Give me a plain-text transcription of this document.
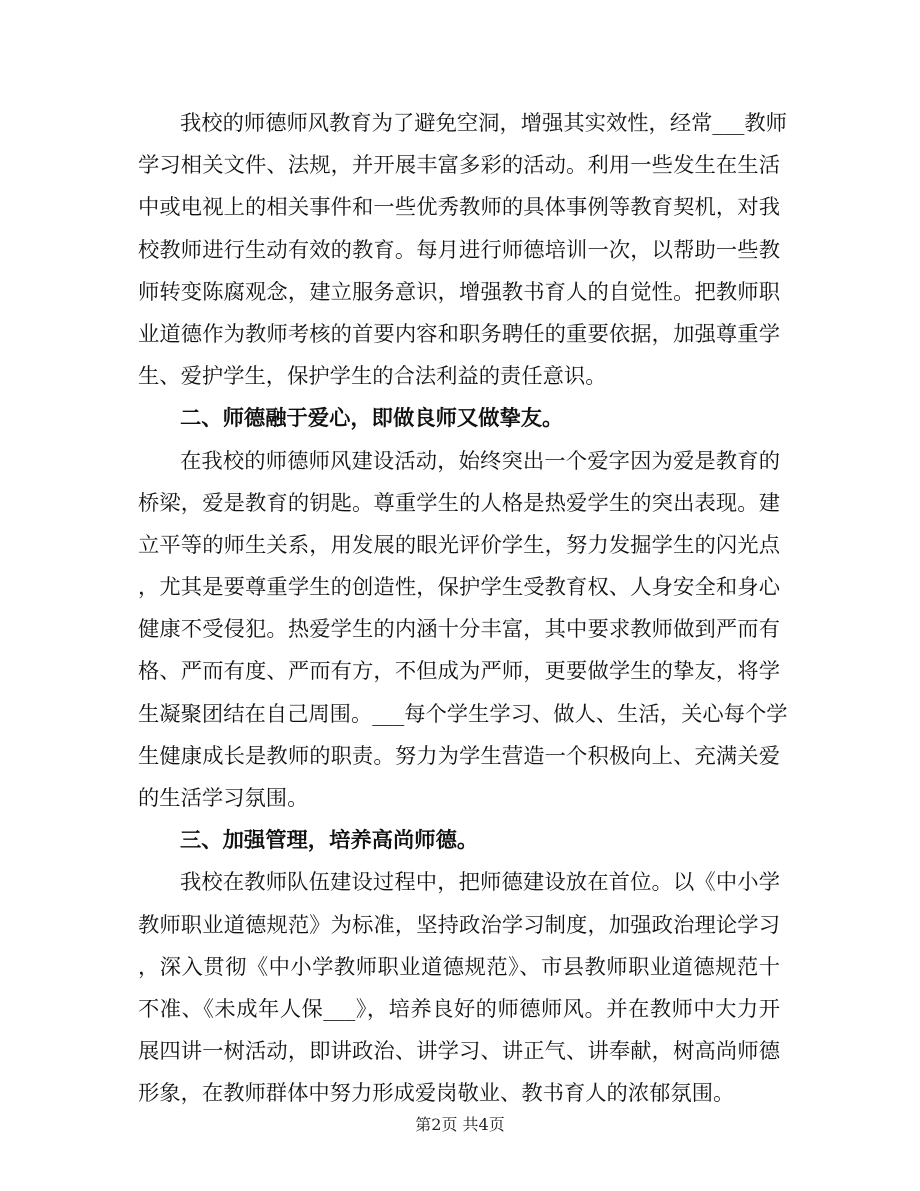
我校的师德师风教育为了避免空洞，增强其实效性，经常___教师
学习相关文件、法规，并开展丰富多彩的活动。利用一些发生在生活
中或电视上的相关事件和一些优秀教师的具体事例等教育契机，对我
校教师进行生动有效的教育。每月进行师德培训一次，以帮助一些教
师转变陈腐观念，建立服务意识，增强教书育人的自觉性。把教师职
业道德作为教师考核的首要内容和职务聘任的重要依据，加强尊重学
生、爱护学生，保护学生的合法利益的责任意识。
二、师德融于爱心，即做良师又做挚友。
在我校的师德师风建设活动，始终突出一个爱字因为爱是教育的
桥梁，爱是教育的钥匙。尊重学生的人格是热爱学生的突出表现。建
立平等的师生关系，用发展的眼光评价学生，努力发掘学生的闪光点
，尤其是要尊重学生的创造性，保护学生受教育权、人身安全和身心
健康不受侵犯。热爱学生的内涵十分丰富，其中要求教师做到严而有
格、严而有度、严而有方，不但成为严师，更要做学生的挚友，将学
生凝聚团结在自己周围。___每个学生学习、做人、生活，关心每个学
生健康成长是教师的职责。努力为学生营造一个积极向上、充满关爱
的生活学习氛围。
三、加强管理，培养高尚师德。
我校在教师队伍建设过程中，把师德建设放在首位。以《中小学
教师职业道德规范》为标准，坚持政治学习制度，加强政治理论学习
，深入贯彻《中小学教师职业道德规范》、市县教师职业道德规范十
不准、《未成年人保___》，培养良好的师德师风。并在教师中大力开
展四讲一树活动，即讲政治、讲学习、讲正气、讲奉献，树高尚师德
形象，在教师群体中努力形成爱岗敬业、教书育人的浓郁氛围。
第2页 共4页
